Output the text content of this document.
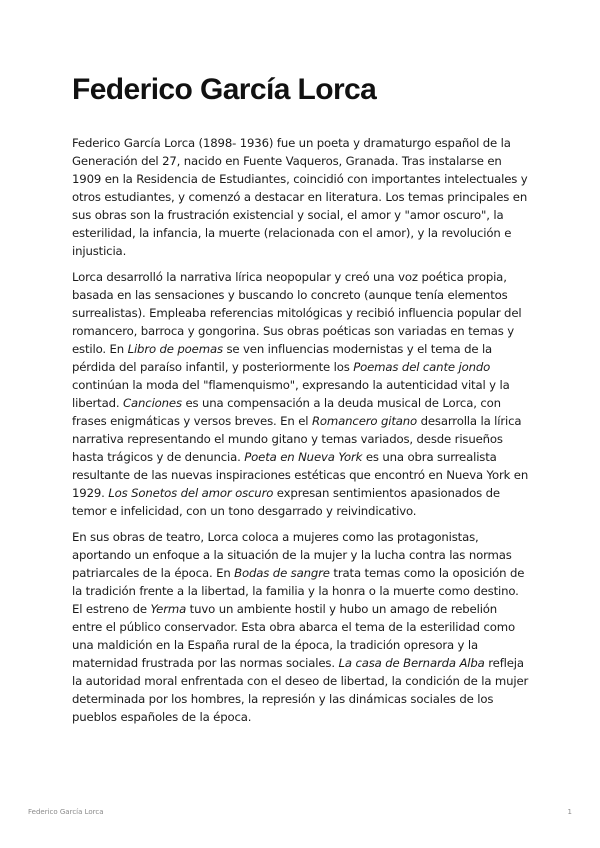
Federico García Lorca

Federico García Lorca (1898- 1936) fue un poeta y dramaturgo español de la Generación del 27, nacido en Fuente Vaqueros, Granada. Tras instalarse en 1909 en la Residencia de Estudiantes, coincidió con importantes intelectuales y otros estudiantes, y comenzó a destacar en literatura. Los temas principales en sus obras son la frustración existencial y social, el amor y "amor oscuro", la esterilidad, la infancia, la muerte (relacionada con el amor), y la revolución e injusticia.

Lorca desarrolló la narrativa lírica neopopular y creó una voz poética propia, basada en las sensaciones y buscando lo concreto (aunque tenía elementos surrealistas). Empleaba referencias mitológicas y recibió influencia popular del romancero, barroca y gongorina. Sus obras poéticas son variadas en temas y estilo. En Libro de poemas se ven influencias modernistas y el tema de la pérdida del paraíso infantil, y posteriormente los Poemas del cante jondo continúan la moda del "flamenquismo", expresando la autenticidad vital y la libertad. Canciones es una compensación a la deuda musical de Lorca, con frases enigmáticas y versos breves. En el Romancero gitano desarrolla la lírica narrativa representando el mundo gitano y temas variados, desde risueños hasta trágicos y de denuncia. Poeta en Nueva York es una obra surrealista resultante de las nuevas inspiraciones estéticas que encontró en Nueva York en 1929. Los Sonetos del amor oscuro expresan sentimientos apasionados de temor e infelicidad, con un tono desgarrado y reivindicativo.

En sus obras de teatro, Lorca coloca a mujeres como las protagonistas, aportando un enfoque a la situación de la mujer y la lucha contra las normas patriarcales de la época. En Bodas de sangre trata temas como la oposición de la tradición frente a la libertad, la familia y la honra o la muerte como destino. El estreno de Yerma tuvo un ambiente hostil y hubo un amago de rebelión entre el público conservador. Esta obra abarca el tema de la esterilidad como una maldición en la España rural de la época, la tradición opresora y la maternidad frustrada por las normas sociales. La casa de Bernarda Alba refleja la autoridad moral enfrentada con el deseo de libertad, la condición de la mujer determinada por los hombres, la represión y las dinámicas sociales de los pueblos españoles de la época.

Federico García Lorca	1
